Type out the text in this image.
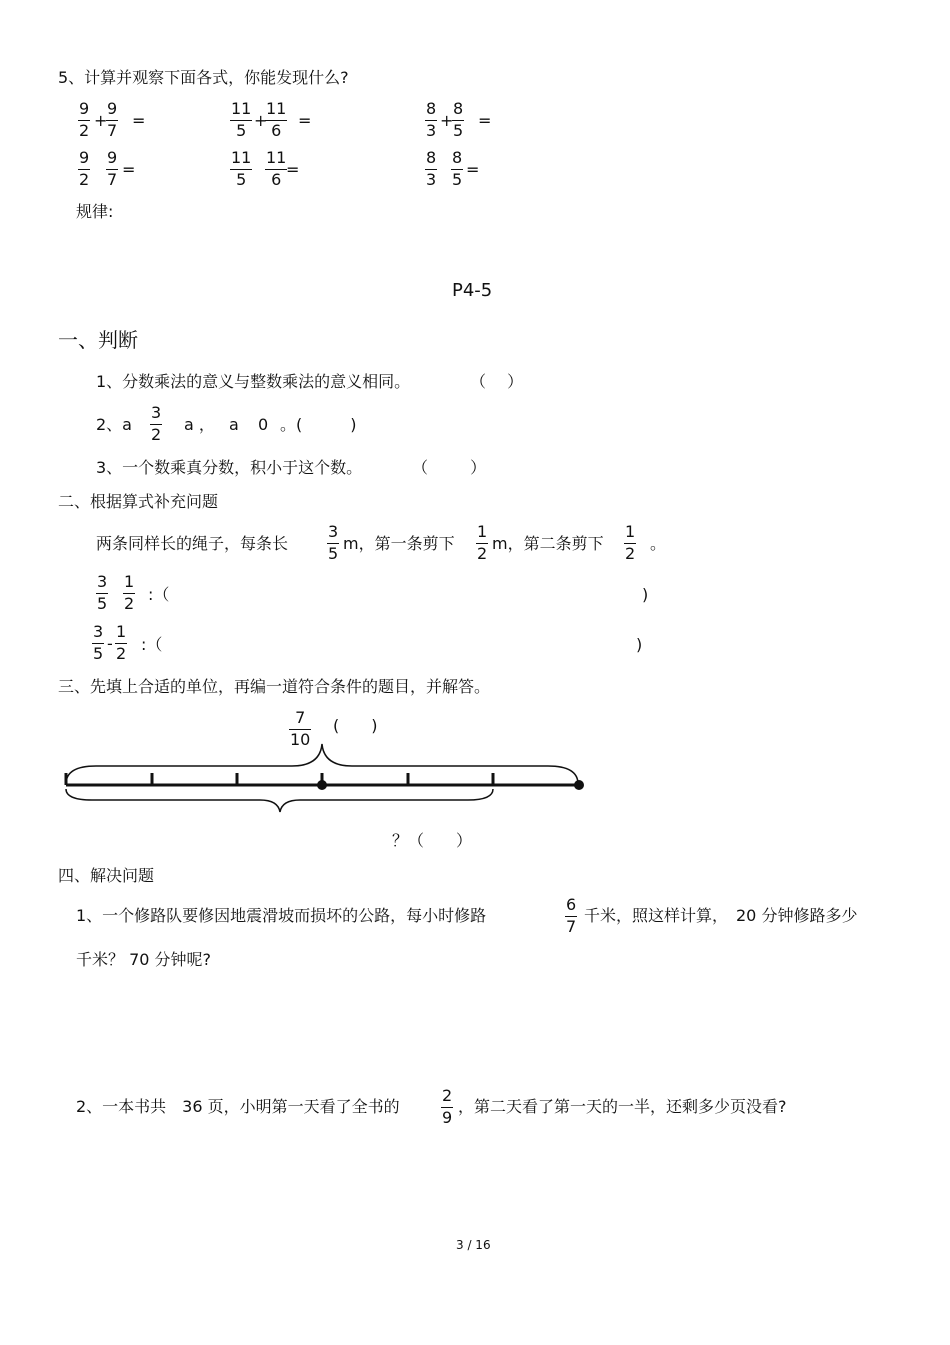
5、计算并观察下面各式，你能发现什么?
9
2
+
9
7
=
11
5
+
11
6
=
8
3
+
8
5
=
9
2
9
7
=
11
5
11
6
=
8
3
8
5
=
规律:
P4-5
一、判断
1、分数乘法的意义与整数乘法的意义相同。	（ 　）
2、a
3
2
a ， a 0 。(　　　)
3、一个数乘真分数，积小于这个数。	（ 　 　）
二、根据算式补充问题
两条同样长的绳子，每条长
3
5
m，第一条剪下
1
2
m，第二条剪下
1
2
。
3
5
1
2 :（	)
3
5
-
1
2 :（	)
三、先填上合适的单位，再编一道符合条件的题目，并解答。
7
10
(　　)
？（　　）
四、解决问题
1、一个修路队要修因地震滑坡而损坏的公路，每小时修路
6
7
千米，照这样计算，　20 分钟修路多少
千米？ 70 分钟呢?
2、一本书共　36 页，小明第一天看了全书的
2
9
，第二天看了第一天的一半，还剩多少页没看?
3 / 16
